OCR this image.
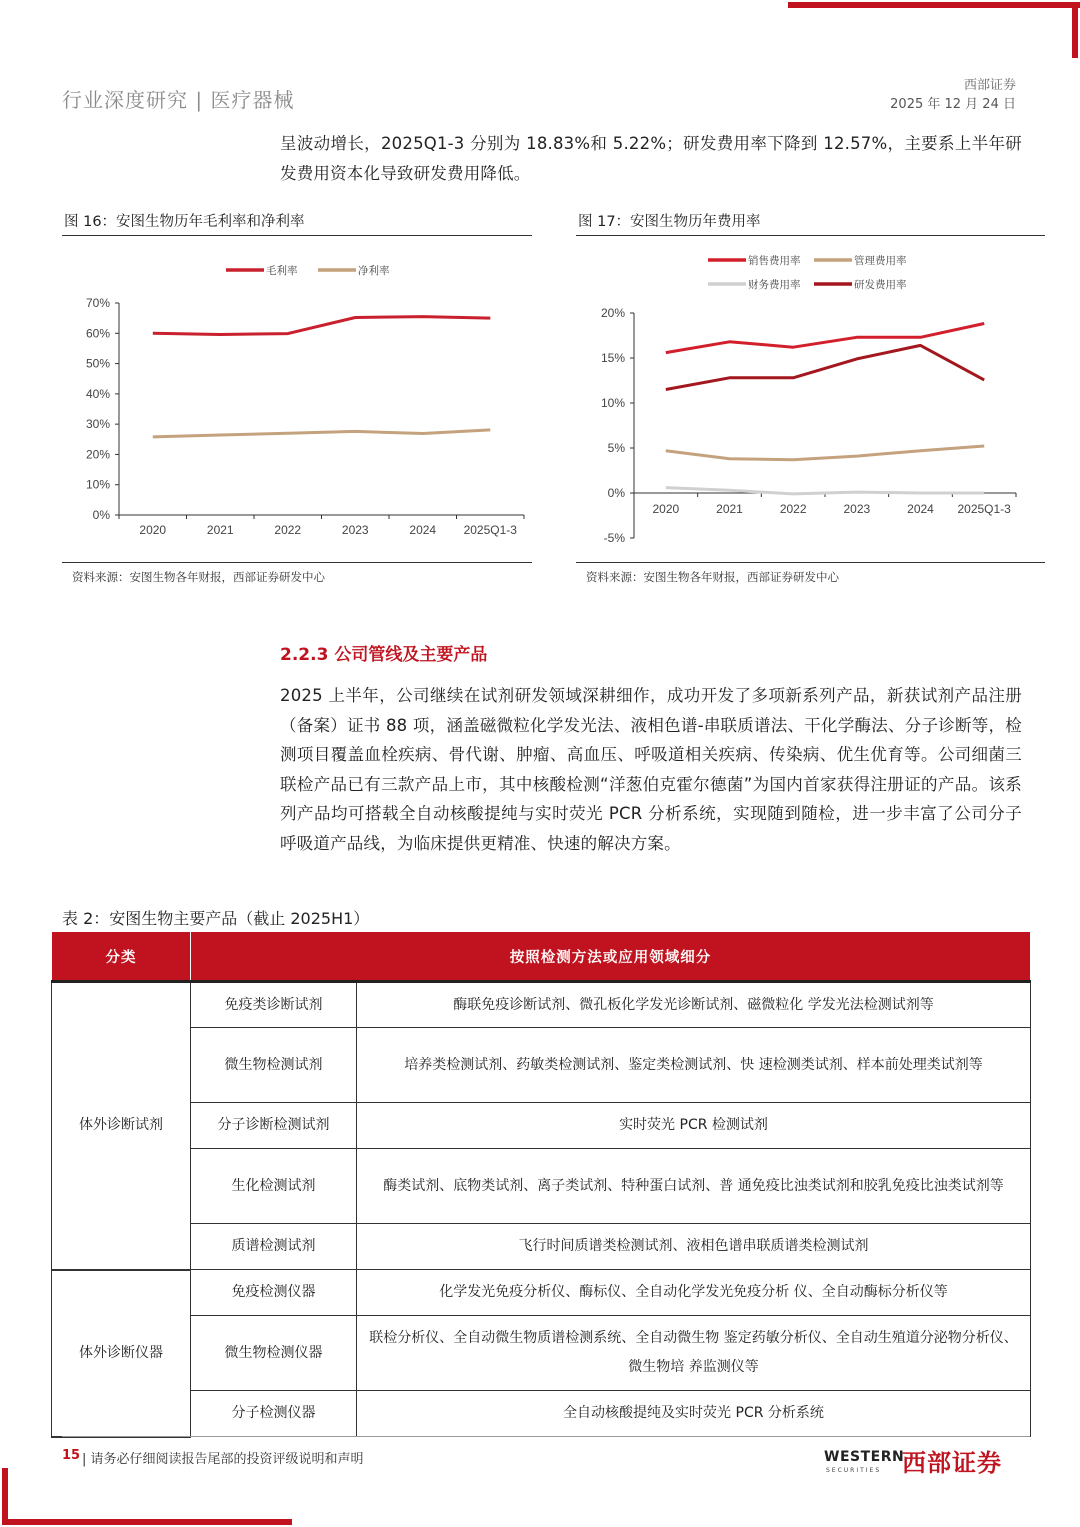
行业深度研究 | 医疗器械
西部证券
2025 年 12 月 24 日
呈波动增长，2025Q1-3 分别为 18.83%和 5.22%；研发费用率下降到 12.57%，主要系上半年研发费用资本化导致研发费用降低。
图 16：安图生物历年毛利率和净利率
0%
10%
20%
30%
40%
50%
60%
70%
2020	2021	2022	2023	2024 2025Q1-3
毛利率	净利率
资料来源：安图生物各年财报，西部证券研发中心
图 17：安图生物历年费用率
-5%
0%
5%
10%
15%
20%
2020	2021	2022	2023	2024 2025Q1-3
销售费用率	管理费用率
财务费用率	研发费用率
资料来源：安图生物各年财报，西部证券研发中心
2.2.3 公司管线及主要产品
2025 上半年，公司继续在试剂研发领域深耕细作，成功开发了多项新系列产品，新获试剂产品注册（备案）证书 88 项，涵盖磁微粒化学发光法、液相色谱-串联质谱法、干化学酶法、分子诊断等，检测项目覆盖血栓疾病、骨代谢、肿瘤、高血压、呼吸道相关疾病、传染病、优生优育等。公司细菌三联检产品已有三款产品上市，其中核酸检测“洋葱伯克霍尔德菌”为国内首家获得注册证的产品。该系列产品均可搭载全自动核酸提纯与实时荧光 PCR 分析系统，实现随到随检，进一步丰富了公司分子呼吸道产品线，为临床提供更精准、快速的解决方案。
表 2：安图生物主要产品（截止 2025H1）
分类	按照检测方法或应用领域细分	
体外诊断试剂	免疫类诊断试剂	酶联免疫诊断试剂、微孔板化学发光诊断试剂、磁微粒化 学发光法检测试剂等
	微生物检测试剂	培养类检测试剂、药敏类检测试剂、鉴定类检测试剂、快 速检测类试剂、样本前处理类试剂等
	分子诊断检测试剂	实时荧光 PCR 检测试剂
	生化检测试剂	酶类试剂、底物类试剂、离子类试剂、特种蛋白试剂、普 通免疫比浊类试剂和胶乳免疫比浊类试剂等
	质谱检测试剂	飞行时间质谱类检测试剂、液相色谱串联质谱类检测试剂
体外诊断仪器	免疫检测仪器	化学发光免疫分析仪、酶标仪、全自动化学发光免疫分析 仪、全自动酶标分析仪等
	微生物检测仪器	联检分析仪、全自动微生物质谱检测系统、全自动微生物 鉴定药敏分析仪、全自动生殖道分泌物分析仪、微生物培 养监测仪等
	分子检测仪器	全自动核酸提纯及实时荧光 PCR 分析系统
15 | 请务必仔细阅读报告尾部的投资评级说明和声明	WESTERN
SECURITIES 西部证券
